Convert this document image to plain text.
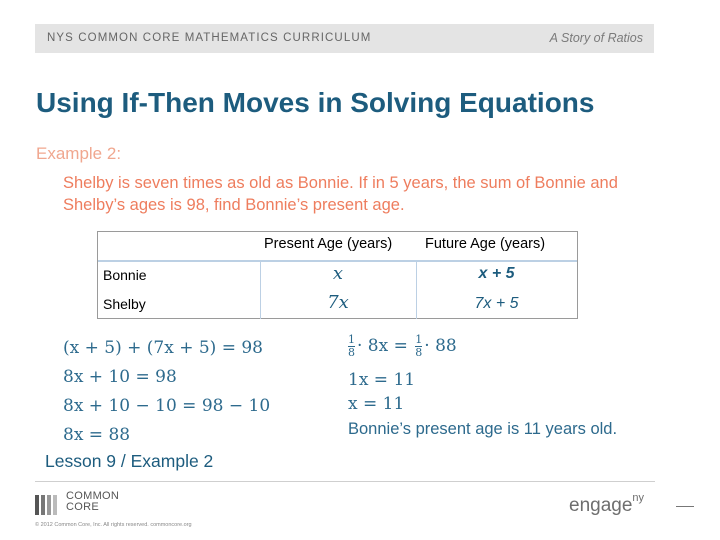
NYS COMMON CORE MATHEMATICS CURRICULUM	A Story of Ratios
Using If-Then Moves in Solving Equations
Example 2:
Shelby is seven times as old as Bonnie. If in 5 years, the sum of Bonnie and
Shelby’s ages is 98, find Bonnie’s present age.
Present Age (years) Future Age (years)
Bonnie
Shelby
x
7x
x + 5
7x + 5
(x + 5) + (7x + 5) = 98
8x + 10 = 98
8x + 10 − 10 = 98 − 10
8x = 88
$\frac{1}{8} \cdot 8x = \frac{1}{8} \cdot 88$
1x = 11
x = 11
Bonnie’s present age is 11 years old.
Lesson 9 / Example 2
COMMON
CORE
© 2012 Common Core, Inc. All rights reserved. commoncore.org
engage$^{ny}$
